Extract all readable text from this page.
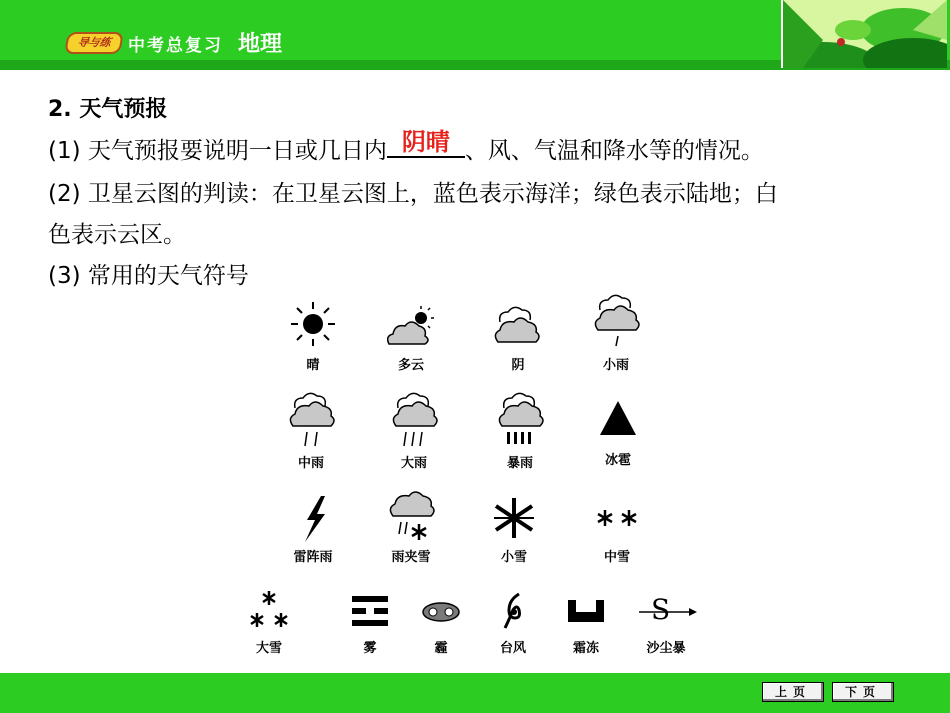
导与练 中考总复习 地理
2. 天气预报
(1) 天气预报要说明一日或几日内 阴晴 、风、气温和降水等的情况。
(2) 卫星云图的判读：在卫星云图上，蓝色表示海洋；绿色表示陆地；白
色表示云区。
(3) 常用的天气符号
晴	多云	阴	小雨
中雨	大雨	暴雨	冰雹
雷阵雨	雨夹雪	小雪	中雪
大雪	雾	霾	台风	霜冻
S
沙尘暴
上页	下页
